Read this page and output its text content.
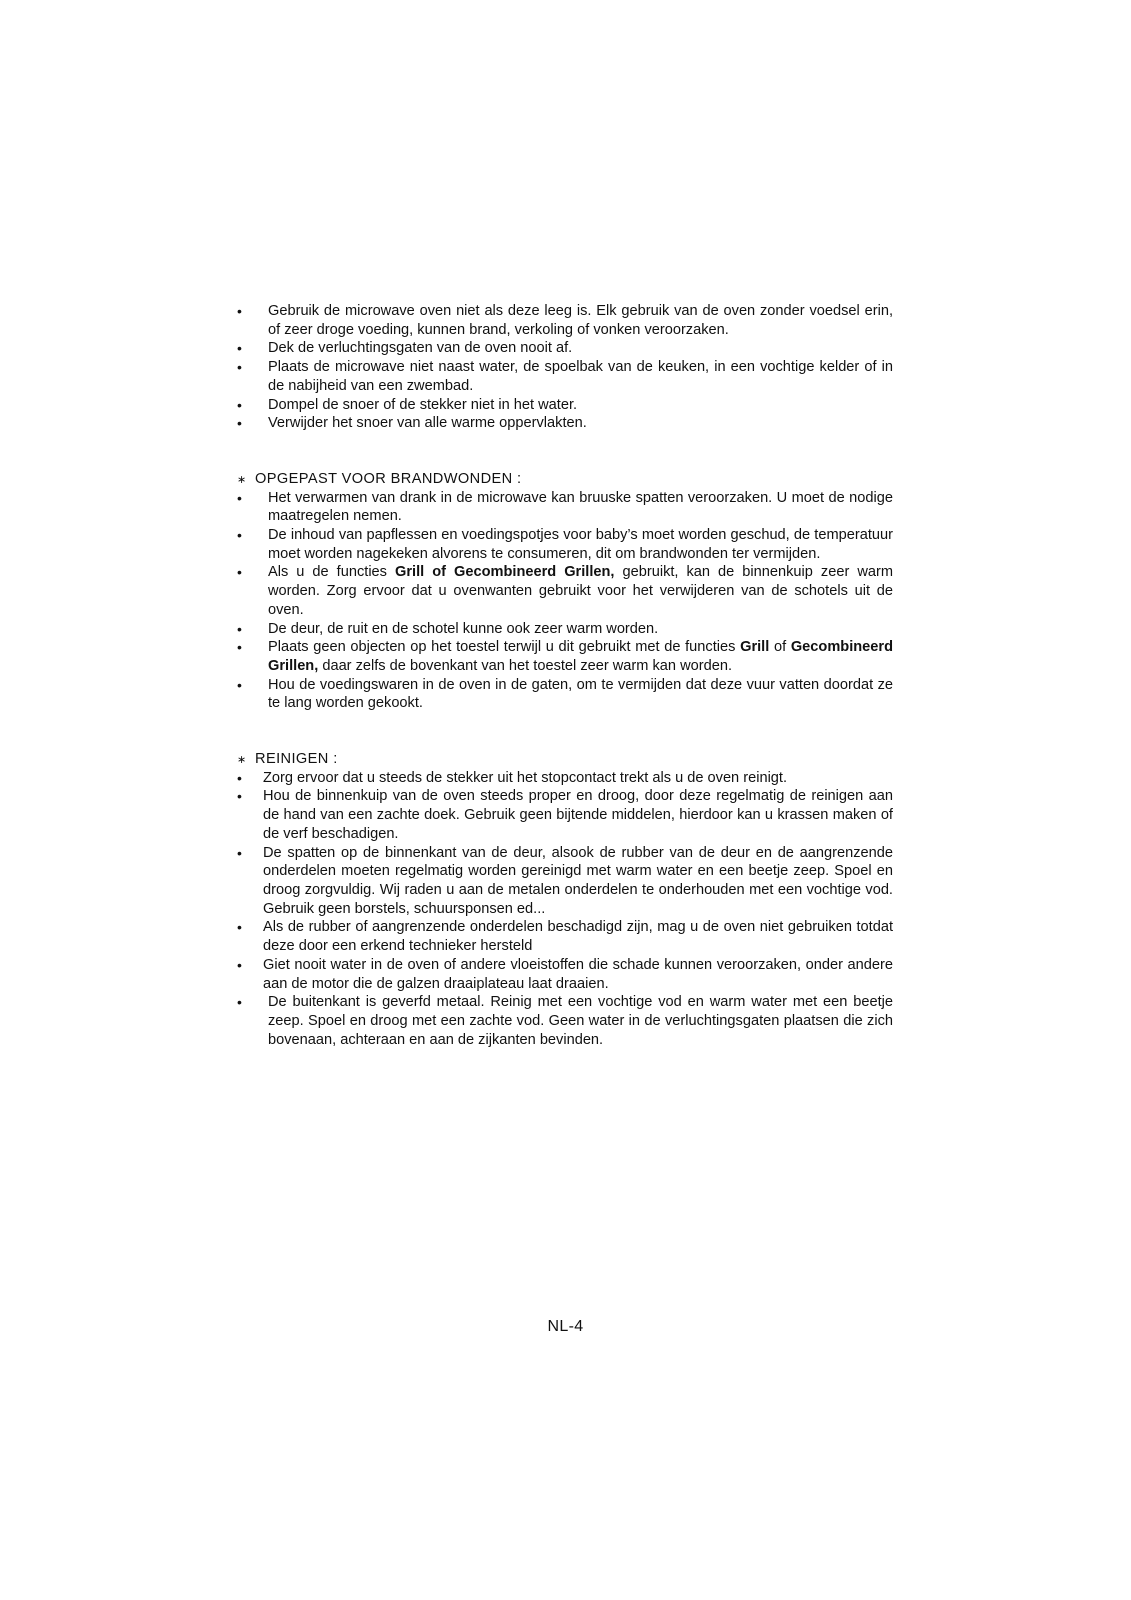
• Gebruik de microwave oven niet als deze leeg is. Elk gebruik van de oven zonder voedsel erin, of zeer droge voeding, kunnen brand, verkoling of vonken veroorzaken.
• Dek de verluchtingsgaten van de oven nooit af.
• Plaats de microwave niet naast water, de spoelbak van de keuken, in een vochtige kelder of in de nabijheid van een zwembad.
• Dompel de snoer of de stekker niet in het water.
• Verwijder het snoer van alle warme oppervlakten.
∗ OPGEPAST VOOR BRANDWONDEN :
• Het verwarmen van drank in de microwave kan bruuske spatten veroorzaken. U moet de nodige maatregelen nemen.
• De inhoud van papflessen en voedingspotjes voor baby’s moet worden geschud, de temperatuur moet worden nagekeken alvorens te consumeren, dit om brandwonden ter vermijden.
• Als u de functies Grill of Gecombineerd Grillen, gebruikt, kan de binnenkuip zeer warm worden. Zorg ervoor dat u ovenwanten gebruikt voor het verwijderen van de schotels uit de oven.
• De deur, de ruit en de schotel kunne ook zeer warm worden.
• Plaats geen objecten op het toestel terwijl u dit gebruikt met de functies Grill of Gecombineerd Grillen, daar zelfs de bovenkant van het toestel zeer warm kan worden.
• Hou de voedingswaren in de oven in de gaten, om te vermijden dat deze vuur vatten doordat ze te lang worden gekookt.
∗ REINIGEN :
• Zorg ervoor dat u steeds de stekker uit het stopcontact trekt als u de oven reinigt.
• Hou de binnenkuip van de oven steeds proper en droog, door deze regelmatig de reinigen aan de hand van een zachte doek. Gebruik geen bijtende middelen, hierdoor kan u krassen maken of de verf beschadigen.
• De spatten op de binnenkant van de deur, alsook de rubber van de deur en de aangrenzende onderdelen moeten regelmatig worden gereinigd met warm water en een beetje zeep. Spoel en droog zorgvuldig. Wij raden u aan de metalen onderdelen te onderhouden met een vochtige vod. Gebruik geen borstels, schuursponsen ed...
• Als de rubber of aangrenzende onderdelen beschadigd zijn, mag u de oven niet gebruiken totdat deze door een erkend technieker hersteld
• Giet nooit water in de oven of andere vloeistoffen die schade kunnen veroorzaken, onder andere aan de motor die de galzen draaiplateau laat draaien.
• De buitenkant is geverfd metaal. Reinig met een vochtige vod en warm water met een beetje zeep. Spoel en droog met een zachte vod. Geen water in de verluchtingsgaten plaatsen die zich bovenaan, achteraan en aan de zijkanten bevinden.
NL-4
